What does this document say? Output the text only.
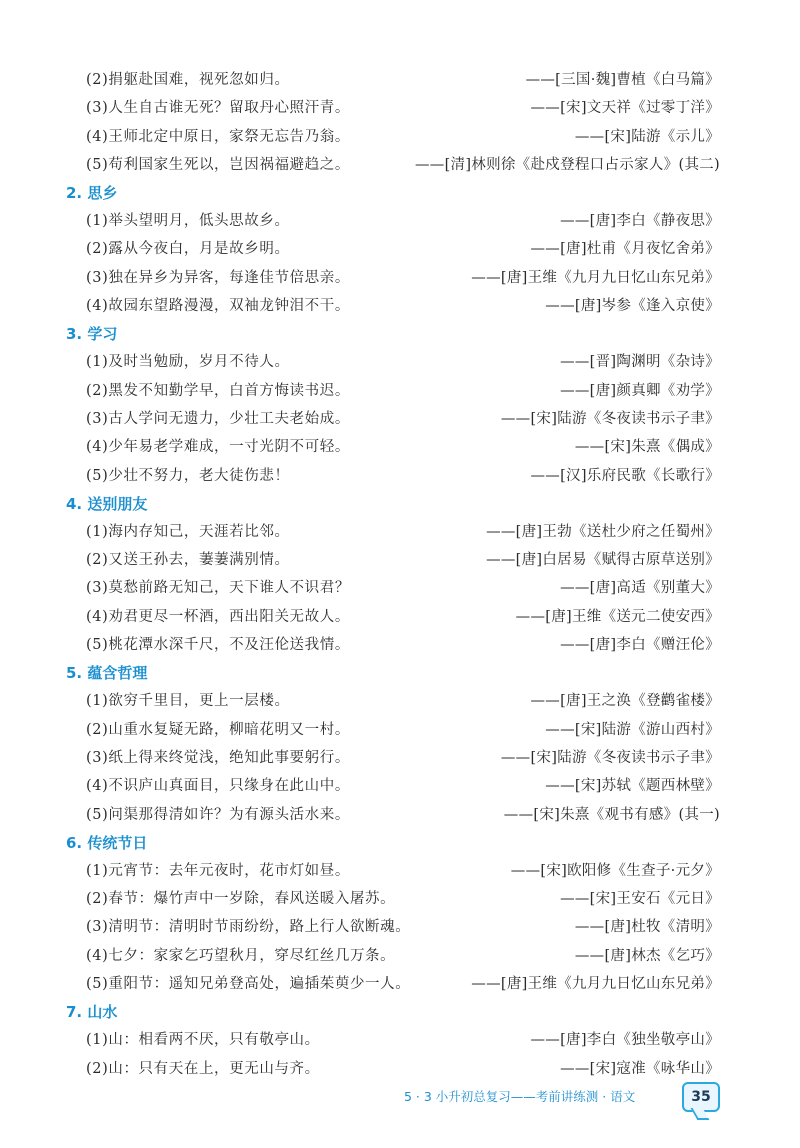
(2)捐躯赴国难，视死忽如归。	——[三国·魏]曹植《白马篇》
(3)人生自古谁无死？留取丹心照汗青。	——[宋]文天祥《过零丁洋》
(4)王师北定中原日，家祭无忘告乃翁。	——[宋]陆游《示儿》
(5)苟利国家生死以，岂因祸福避趋之。	——[清]林则徐《赴戍登程口占示家人》(其二)
2. 思乡
(1)举头望明月，低头思故乡。	——[唐]李白《静夜思》
(2)露从今夜白，月是故乡明。	——[唐]杜甫《月夜忆舍弟》
(3)独在异乡为异客，每逢佳节倍思亲。	——[唐]王维《九月九日忆山东兄弟》
(4)故园东望路漫漫，双袖龙钟泪不干。	——[唐]岑参《逢入京使》
3. 学习
(1)及时当勉励，岁月不待人。	——[晋]陶渊明《杂诗》
(2)黑发不知勤学早，白首方悔读书迟。	——[唐]颜真卿《劝学》
(3)古人学问无遗力，少壮工夫老始成。	——[宋]陆游《冬夜读书示子聿》
(4)少年易老学难成，一寸光阴不可轻。	——[宋]朱熹《偶成》
(5)少壮不努力，老大徒伤悲！	——[汉]乐府民歌《长歌行》
4. 送别朋友
(1)海内存知己，天涯若比邻。	——[唐]王勃《送杜少府之任蜀州》
(2)又送王孙去，萋萋满别情。	——[唐]白居易《赋得古原草送别》
(3)莫愁前路无知己，天下谁人不识君？	——[唐]高适《别董大》
(4)劝君更尽一杯酒，西出阳关无故人。	——[唐]王维《送元二使安西》
(5)桃花潭水深千尺，不及汪伦送我情。	——[唐]李白《赠汪伦》
5. 蕴含哲理
(1)欲穷千里目，更上一层楼。	——[唐]王之涣《登鹳雀楼》
(2)山重水复疑无路，柳暗花明又一村。	——[宋]陆游《游山西村》
(3)纸上得来终觉浅，绝知此事要躬行。	——[宋]陆游《冬夜读书示子聿》
(4)不识庐山真面目，只缘身在此山中。	——[宋]苏轼《题西林壁》
(5)问渠那得清如许？为有源头活水来。	——[宋]朱熹《观书有感》(其一)
6. 传统节日
(1)元宵节：去年元夜时，花市灯如昼。	——[宋]欧阳修《生查子·元夕》
(2)春节：爆竹声中一岁除，春风送暖入屠苏。	——[宋]王安石《元日》
(3)清明节：清明时节雨纷纷，路上行人欲断魂。	——[唐]杜牧《清明》
(4)七夕：家家乞巧望秋月，穿尽红丝几万条。	——[唐]林杰《乞巧》
(5)重阳节：遥知兄弟登高处，遍插茱萸少一人。	——[唐]王维《九月九日忆山东兄弟》
7. 山水
(1)山：相看两不厌，只有敬亭山。	——[唐]李白《独坐敬亭山》
(2)山：只有天在上，更无山与齐。	——[宋]寇准《咏华山》
5 · 3 小升初总复习——考前讲练测 · 语文	35
